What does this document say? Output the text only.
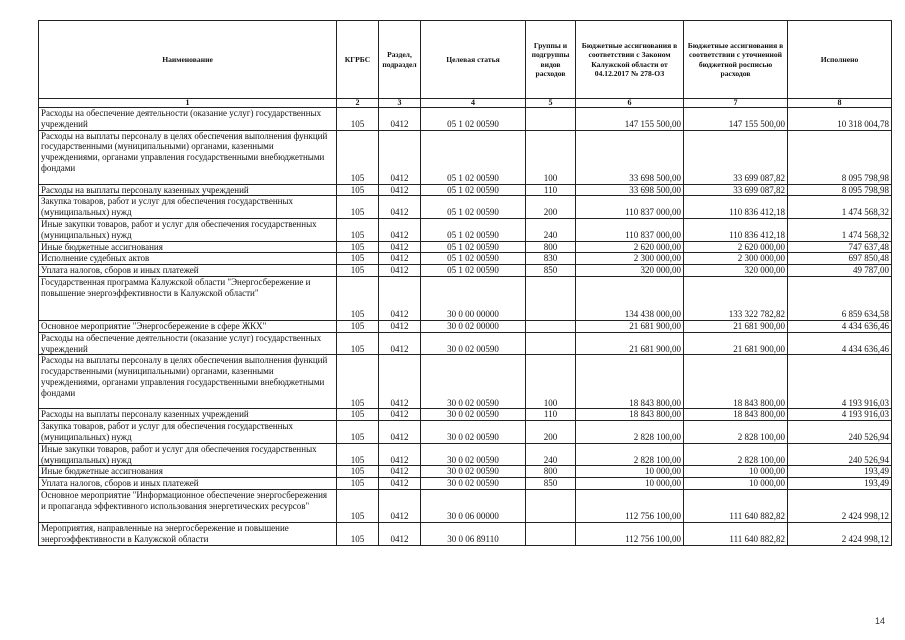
Наименование	КГРБС	Раздел, подраздел	Целевая статья	Группы и подгруппы видов расходов	Бюджетные ассигнования в соответствии с Законом Калужской области от 04.12.2017 № 278-ОЗ	Бюджетные ассигнования в соответствии с уточненной бюджетной росписью расходов	Исполнено
1	2	3	4	5	6	7	8
Расходы на обеспечение деятельности (оказание услуг) государственных учреждений	105	0412	05 1 02 00590		147 155 500,00	147 155 500,00	10 318 004,78
Расходы на выплаты персоналу в целях обеспечения выполнения функций государственными (муниципальными) органами, казенными учреждениями, органами управления государственными внебюджетными фондами	105	0412	05 1 02 00590	100	33 698 500,00	33 699 087,82	8 095 798,98
Расходы на выплаты персоналу казенных учреждений	105	0412	05 1 02 00590	110	33 698 500,00	33 699 087,82	8 095 798,98
Закупка товаров, работ и услуг для обеспечения государственных (муниципальных) нужд	105	0412	05 1 02 00590	200	110 837 000,00	110 836 412,18	1 474 568,32
Иные закупки товаров, работ и услуг для обеспечения государственных (муниципальных) нужд	105	0412	05 1 02 00590	240	110 837 000,00	110 836 412,18	1 474 568,32
Иные бюджетные ассигнования	105	0412	05 1 02 00590	800	2 620 000,00	2 620 000,00	747 637,48
Исполнение судебных актов	105	0412	05 1 02 00590	830	2 300 000,00	2 300 000,00	697 850,48
Уплата налогов, сборов и иных платежей	105	0412	05 1 02 00590	850	320 000,00	320 000,00	49 787,00
Государственная программа Калужской области "Энергосбережение и повышение энергоэффективности в Калужской области"	105	0412	30 0 00 00000		134 438 000,00	133 322 782,82	6 859 634,58
Основное мероприятие "Энергосбережение в сфере ЖКХ"	105	0412	30 0 02 00000		21 681 900,00	21 681 900,00	4 434 636,46
Расходы на обеспечение деятельности (оказание услуг) государственных учреждений	105	0412	30 0 02 00590		21 681 900,00	21 681 900,00	4 434 636,46
Расходы на выплаты персоналу в целях обеспечения выполнения функций государственными (муниципальными) органами, казенными учреждениями, органами управления государственными внебюджетными фондами	105	0412	30 0 02 00590	100	18 843 800,00	18 843 800,00	4 193 916,03
Расходы на выплаты персоналу казенных учреждений	105	0412	30 0 02 00590	110	18 843 800,00	18 843 800,00	4 193 916,03
Закупка товаров, работ и услуг для обеспечения государственных (муниципальных) нужд	105	0412	30 0 02 00590	200	2 828 100,00	2 828 100,00	240 526,94
Иные закупки товаров, работ и услуг для обеспечения государственных (муниципальных) нужд	105	0412	30 0 02 00590	240	2 828 100,00	2 828 100,00	240 526,94
Иные бюджетные ассигнования	105	0412	30 0 02 00590	800	10 000,00	10 000,00	193,49
Уплата налогов, сборов и иных платежей	105	0412	30 0 02 00590	850	10 000,00	10 000,00	193,49
Основное мероприятие "Информационное обеспечение энергосбережения и пропаганда эффективного использования энергетических ресурсов"	105	0412	30 0 06 00000		112 756 100,00	111 640 882,82	2 424 998,12
Мероприятия, направленные на энергосбережение и повышение энергоэффективности в Калужской области	105	0412	30 0 06 89110		112 756 100,00	111 640 882,82	2 424 998,12
14
